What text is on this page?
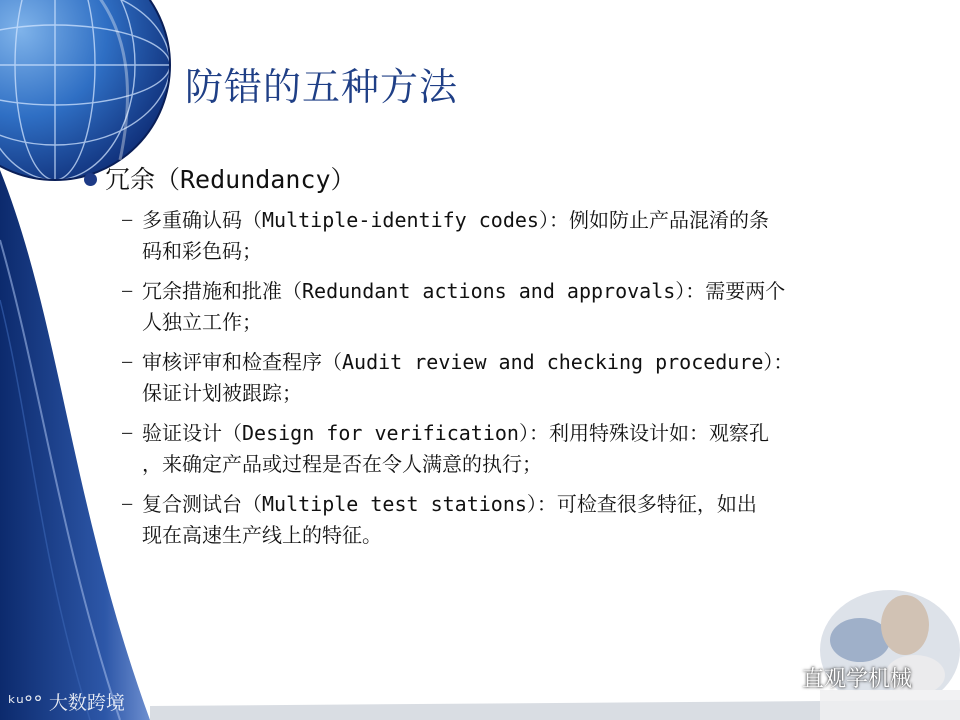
防错的五种方法
冗余（Redundancy）
– 多重确认码（Multiple-identify codes）：例如防止产品混淆的条
码和彩色码；
– 冗余措施和批准（Redundant actions and approvals）：需要两个
人独立工作；
– 审核评审和检查程序（Audit review and checking procedure）：
保证计划被跟踪；
– 验证设计（Design for verification）：利用特殊设计如：观察孔
，来确定产品或过程是否在令人满意的执行；
– 复合测试台（Multiple test stations）：可检查很多特征，如出
现在高速生产线上的特征。
ᵏᵘ°° 大数跨境
直观学机械
